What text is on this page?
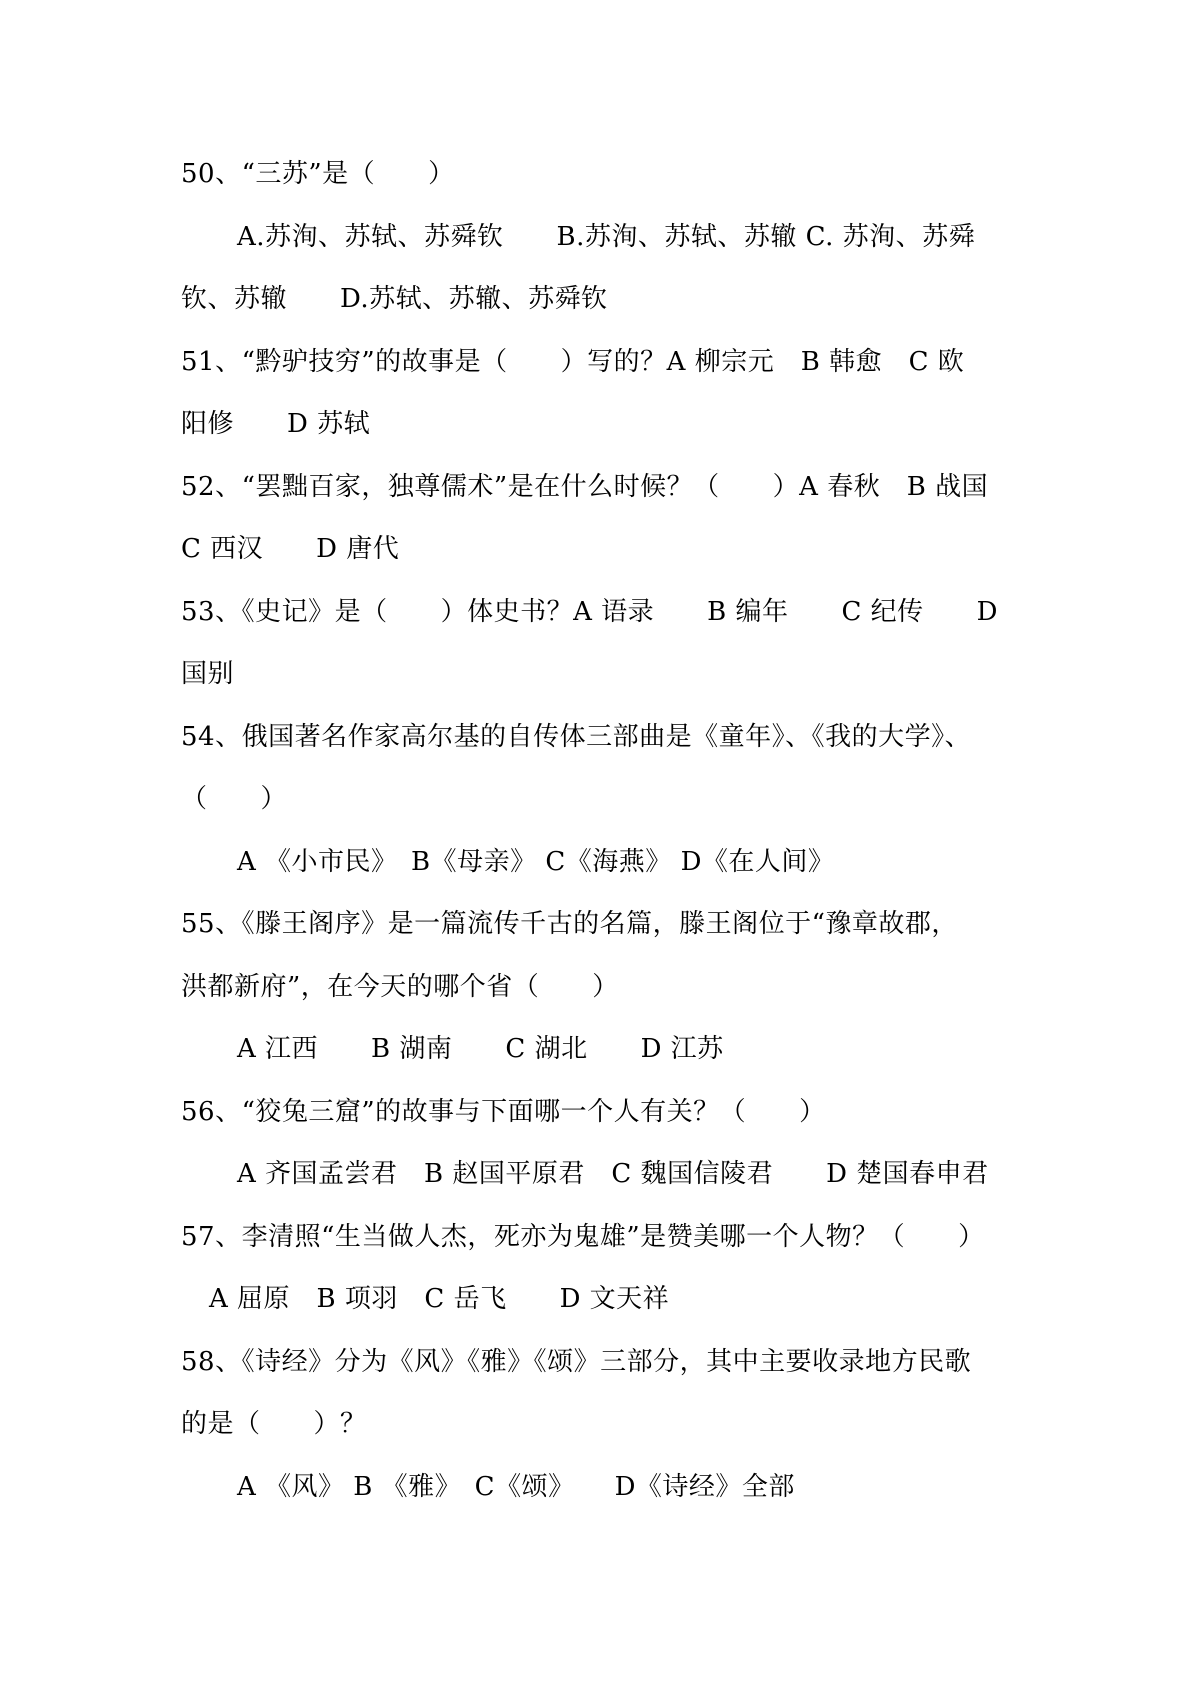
50、“三苏”是（　　）
A.苏洵、苏轼、苏舜钦　　B.苏洵、苏轼、苏辙 C. 苏洵、苏舜
钦、苏辙　　D.苏轼、苏辙、苏舜钦
51、“黔驴技穷”的故事是（　　）写的？A 柳宗元　B 韩愈　C 欧
阳修　　D 苏轼
52、“罢黜百家，独尊儒术”是在什么时候？（　　）A 春秋　B 战国
C 西汉　　D 唐代
53、《史记》是（　　）体史书？A 语录　　B 编年　　C 纪传　　D
国别
54、俄国著名作家高尔基的自传体三部曲是《童年》、《我的大学》、
（　　）
A 《小市民》　B《母亲》 C《海燕》 D《在人间》
55、《滕王阁序》是一篇流传千古的名篇，滕王阁位于“豫章故郡，
洪都新府”，在今天的哪个省（　　）
A 江西　　B 湖南　　C 湖北　　D 江苏
56、“狡兔三窟”的故事与下面哪一个人有关？（　　）
A 齐国孟尝君　B 赵国平原君　C 魏国信陵君　　D 楚国春申君
57、李清照“生当做人杰，死亦为鬼雄”是赞美哪一个人物？（　　）
A 屈原　B 项羽　C 岳飞　　D 文天祥
58、《诗经》分为《风》《雅》《颂》三部分，其中主要收录地方民歌
的是（　　）？
A 《风》 B 《雅》　C《颂》　　D《诗经》全部
